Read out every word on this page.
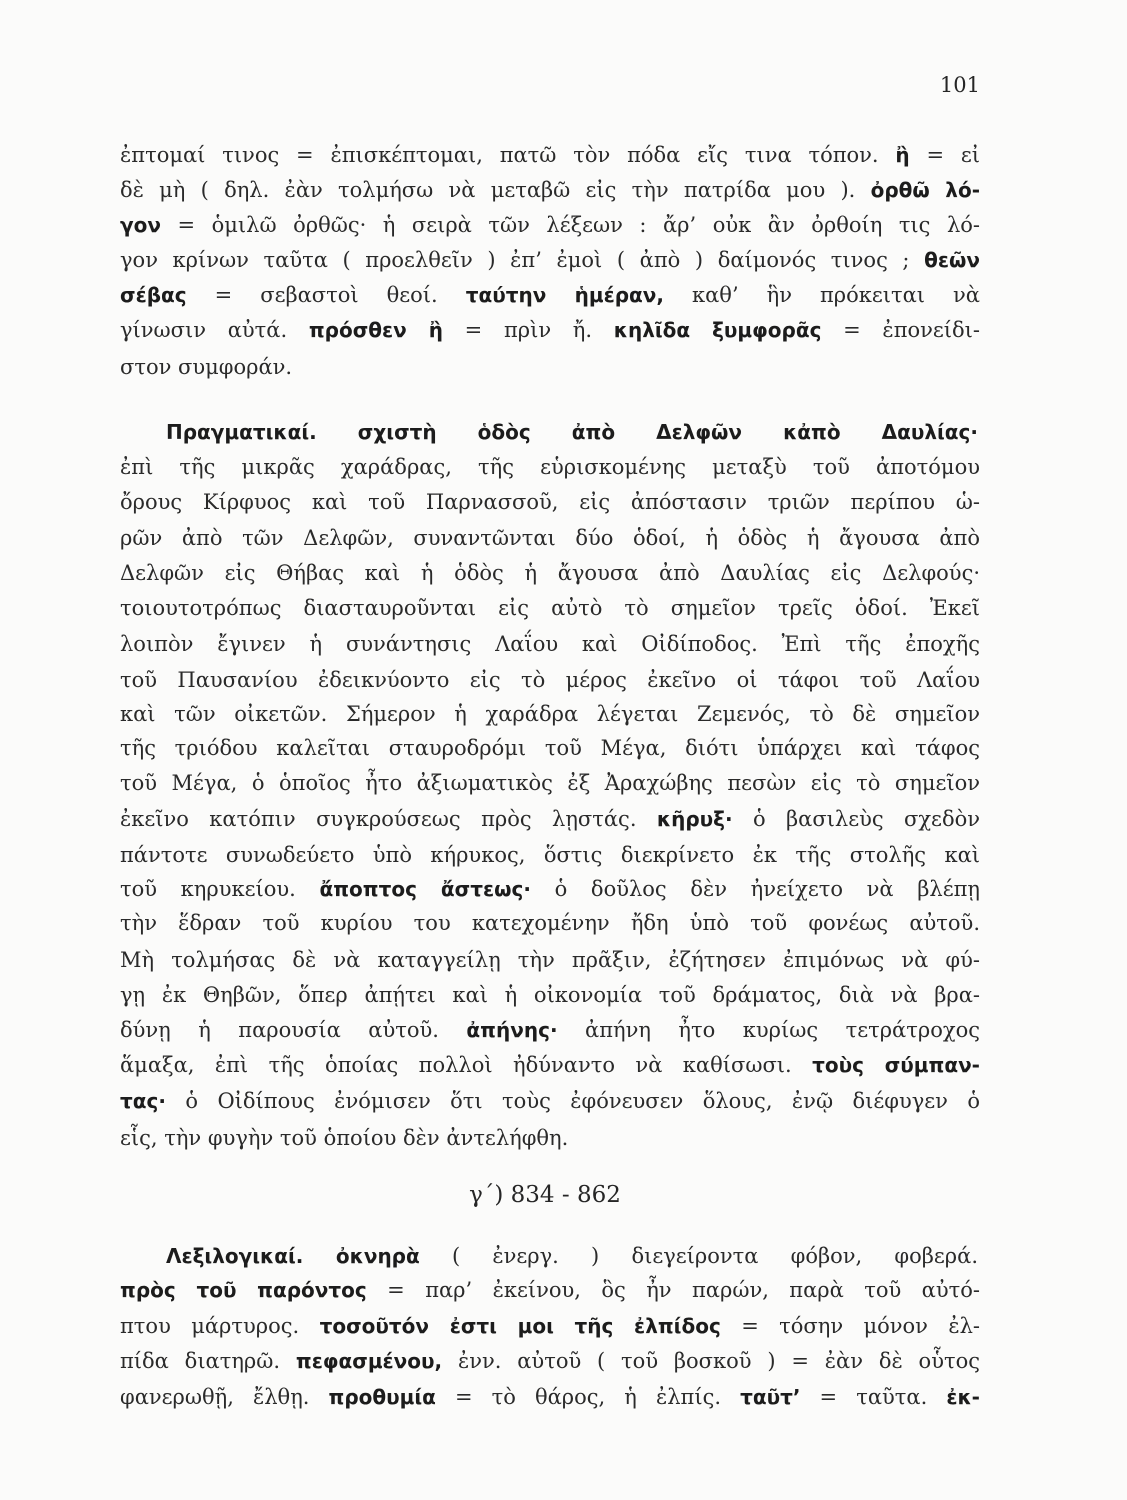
101
ἐπτομαί τινος = ἐπισκέπτομαι, πατῶ τὸν πόδα εἴς τινα τόπον. ἢ = εἰ
δὲ μὴ ( δηλ. ἐὰν τολμήσω νὰ μεταβῶ εἰς τὴν πατρίδα μου ). ὀρθῶ λό-
γον = ὁμιλῶ ὀρθῶς· ἡ σειρὰ τῶν λέξεων : ἄρ’ οὐκ ἂν ὀρθοίη τις λό-
γον κρίνων ταῦτα ( προελθεῖν ) ἐπ’ ἐμοὶ ( ἀπὸ ) δαίμονός τινος ; θεῶν
σέβας = σεβαστοὶ θεοί. ταύτην ἡμέραν, καθ’ ἣν πρόκειται νὰ
γίνωσιν αὐτά. πρόσθεν ἢ = πρὶν ἤ. κηλῖδα ξυμφορᾶς = ἐπονείδι-
στον συμφοράν.
Πραγματικαί. σχιστὴ ὁδὸς ἀπὸ Δελφῶν κἀπὸ Δαυλίας·
ἐπὶ τῆς μικρᾶς χαράδρας, τῆς εὑρισκομένης μεταξὺ τοῦ ἀποτόμου
ὄρους Κίρφυος καὶ τοῦ Παρνασσοῦ, εἰς ἀπόστασιν τριῶν περίπου ὡ-
ρῶν ἀπὸ τῶν Δελφῶν, συναντῶνται δύο ὁδοί, ἡ ὁδὸς ἡ ἄγουσα ἀπὸ
Δελφῶν εἰς Θήβας καὶ ἡ ὁδὸς ἡ ἄγουσα ἀπὸ Δαυλίας εἰς Δελφούς·
τοιουτοτρόπως διασταυροῦνται εἰς αὐτὸ τὸ σημεῖον τρεῖς ὁδοί. Ἐκεῖ
λοιπὸν ἔγινεν ἡ συνάντησις Λαΐου καὶ Οἰδίποδος. Ἐπὶ τῆς ἐποχῆς
τοῦ Παυσανίου ἐδεικνύοντο εἰς τὸ μέρος ἐκεῖνο οἱ τάφοι τοῦ Λαΐου
καὶ τῶν οἰκετῶν. Σήμερον ἡ χαράδρα λέγεται Ζεμενός, τὸ δὲ σημεῖον
τῆς τριόδου καλεῖται σταυροδρόμι τοῦ Μέγα, διότι ὑπάρχει καὶ τάφος
τοῦ Μέγα, ὁ ὁποῖος ἦτο ἀξιωματικὸς ἐξ Ἀραχώβης πεσὼν εἰς τὸ σημεῖον
ἐκεῖνο κατόπιν συγκρούσεως πρὸς λῃστάς. κῆρυξ· ὁ βασιλεὺς σχεδὸν
πάντοτε συνωδεύετο ὑπὸ κήρυκος, ὅστις διεκρίνετο ἐκ τῆς στολῆς καὶ
τοῦ κηρυκείου. ἄποπτος ἄστεως· ὁ δοῦλος δὲν ἠνείχετο νὰ βλέπῃ
τὴν ἕδραν τοῦ κυρίου του κατεχομένην ἤδη ὑπὸ τοῦ φονέως αὐτοῦ.
Μὴ τολμήσας δὲ νὰ καταγγείλῃ τὴν πρᾶξιν, ἐζήτησεν ἐπιμόνως νὰ φύ-
γῃ ἐκ Θηβῶν, ὅπερ ἀπῄτει καὶ ἡ οἰκονομία τοῦ δράματος, διὰ νὰ βρα-
δύνῃ ἡ παρουσία αὐτοῦ. ἀπήνης· ἀπήνη ἦτο κυρίως τετράτροχος
ἅμαξα, ἐπὶ τῆς ὁποίας πολλοὶ ἠδύναντο νὰ καθίσωσι. τοὺς σύμπαν-
τας· ὁ Οἰδίπους ἐνόμισεν ὅτι τοὺς ἐφόνευσεν ὅλους, ἐνῷ διέφυγεν ὁ
εἷς, τὴν φυγὴν τοῦ ὁποίου δὲν ἀντελήφθη.
γ΄) 834 - 862
Λεξιλογικαί. ὀκνηρὰ ( ἐνεργ. ) διεγείροντα φόβον, φοβερά.
πρὸς τοῦ παρόντος = παρ’ ἐκείνου, ὃς ἦν παρών, παρὰ τοῦ αὐτό-
πτου μάρτυρος. τοσοῦτόν ἐστι μοι τῆς ἐλπίδος = τόσην μόνον ἐλ-
πίδα διατηρῶ. πεφασμένου, ἐνν. αὐτοῦ ( τοῦ βοσκοῦ ) = ἐὰν δὲ οὗτος
φανερωθῇ, ἔλθῃ. προθυμία = τὸ θάρος, ἡ ἐλπίς. ταῦτ’ = ταῦτα. ἐκ-
